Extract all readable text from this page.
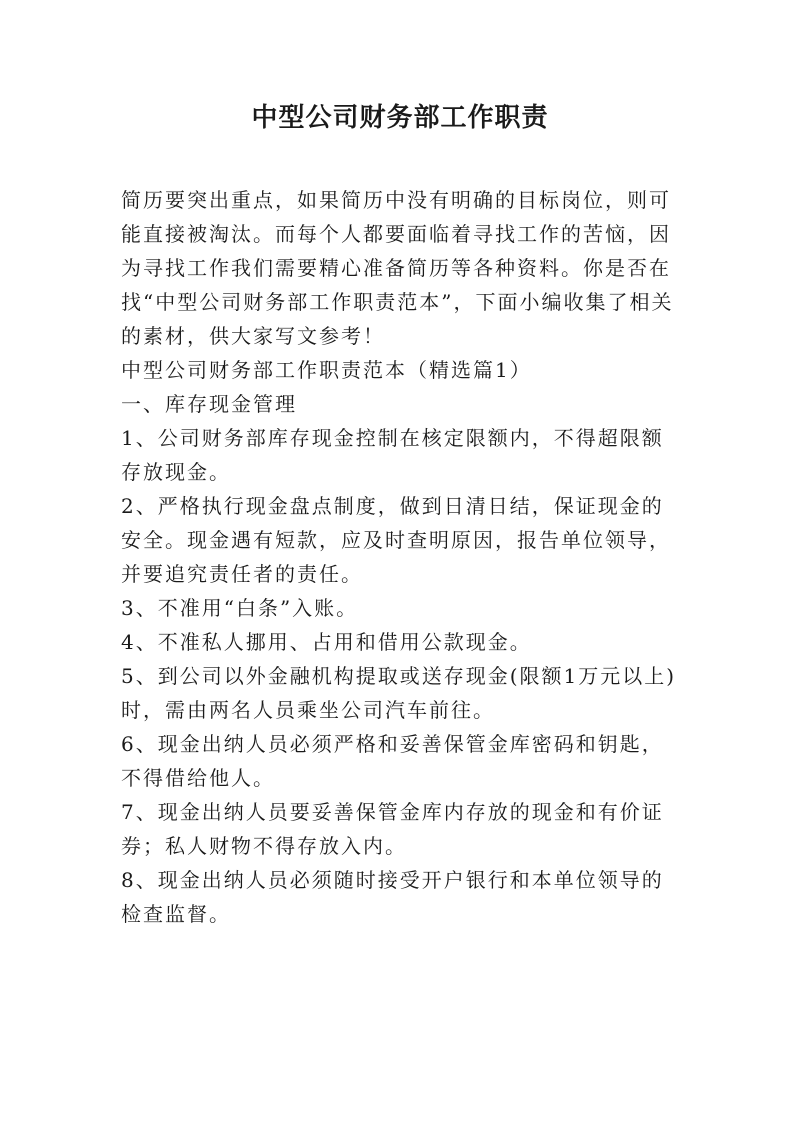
中型公司财务部工作职责

简历要突出重点，如果简历中没有明确的目标岗位，则可能直接被淘汰。而每个人都要面临着寻找工作的苦恼，因为寻找工作我们需要精心准备简历等各种资料。你是否在找“中型公司财务部工作职责范本”，下面小编收集了相关的素材，供大家写文参考！

中型公司财务部工作职责范本（精选篇1）

一、库存现金管理

1、公司财务部库存现金控制在核定限额内，不得超限额存放现金。

2、严格执行现金盘点制度，做到日清日结，保证现金的安全。现金遇有短款，应及时查明原因，报告单位领导，并要追究责任者的责任。

3、不准用“白条”入账。

4、不准私人挪用、占用和借用公款现金。

5、到公司以外金融机构提取或送存现金(限额1万元以上)时，需由两名人员乘坐公司汽车前往。

6、现金出纳人员必须严格和妥善保管金库密码和钥匙，不得借给他人。

7、现金出纳人员要妥善保管金库内存放的现金和有价证券；私人财物不得存放入内。

8、现金出纳人员必须随时接受开户银行和本单位领导的检查监督。
